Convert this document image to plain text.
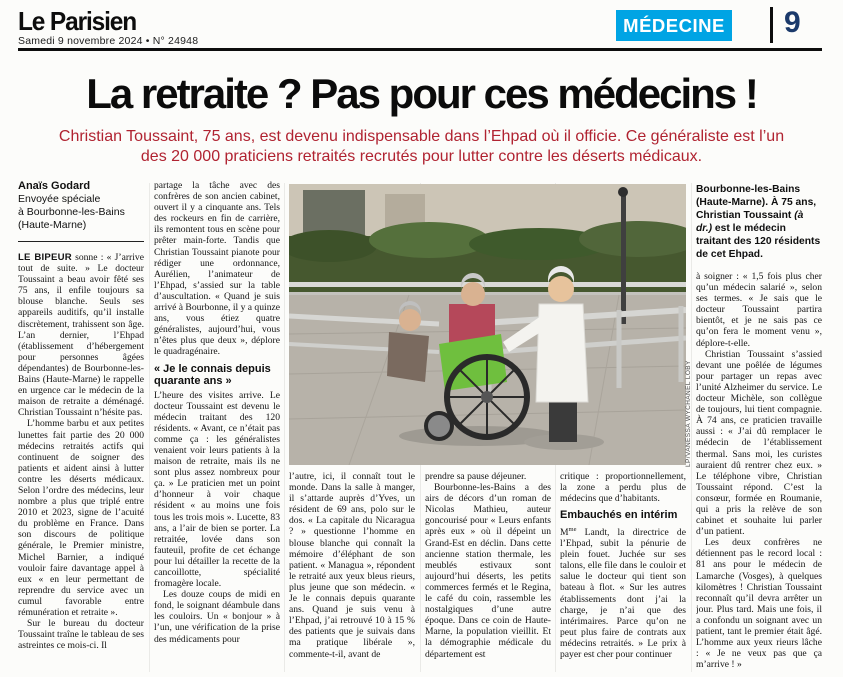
Le Parisien
Samedi 9 novembre 2024 • N° 24948
MÉDECINE 9
La retraite ? Pas pour ces médecins !
Christian Toussaint, 75 ans, est devenu indispensable dans l’Ehpad où il officie. Ce généraliste est l’un des 20 000 praticiens retraités recrutés pour lutter contre les déserts médicaux.
Anaïs Godard
Envoyée spéciale
à Bourbonne-les-Bains
(Haute-Marne)

LE BIPEUR sonne : « J’arrive tout de suite. » Le docteur Toussaint a beau avoir fêté ses 75 ans, il enfile toujours sa blouse blanche. Seuls ses appareils auditifs, qu’il installe discrètement, trahissent son âge. L’an dernier, l’Ehpad (établissement d’hébergement pour personnes âgées dépendantes) de Bourbonne-les-Bains (Haute-Marne) le rappelle en urgence car le médecin de la maison de retraite a déménagé. Christian Toussaint n’hésite pas.

L’homme barbu et aux petites lunettes fait partie des 20 000 médecins retraités actifs qui continuent de soigner des patients et aident ainsi à lutter contre les déserts médicaux. Selon l’ordre des médecins, leur nombre a plus que triplé entre 2010 et 2023, signe de l’acuité du problème en France. Dans son discours de politique générale, le Premier ministre, Michel Barnier, a indiqué vouloir faire davantage appel à eux « en leur permettant de reprendre du service avec un cumul favorable entre rémunération et retraite ».

Sur le bureau du docteur Toussaint traîne le tableau de ses astreintes ce mois-ci. Il

partage la tâche avec des confrères de son ancien cabinet, ouvert il y a cinquante ans. Tels des rockeurs en fin de carrière, ils remontent tous en scène pour prêter main-forte. Tandis que Christian Toussaint pianote pour rédiger une ordonnance, Aurélien, l’animateur de l’Ehpad, s’assied sur la table d’auscultation. « Quand je suis arrivé à Bourbonne, il y a quinze ans, vous étiez quatre généralistes, aujourd’hui, vous n’êtes plus que deux », déplore le quadragénaire.

« Je le connais depuis quarante ans »

L’heure des visites arrive. Le docteur Toussaint est devenu le médecin traitant des 120 résidents. « Avant, ce n’était pas comme ça : les généralistes venaient voir leurs patients à la maison de retraite, mais ils ne sont plus assez nombreux pour ça. » Le praticien met un point d’honneur à voir chaque résident « au moins une fois tous les trois mois ». Lucette, 83 ans, a l’air de bien se porter. La retraitée, lovée dans son fauteuil, profite de cet échange pour lui détailler la recette de la cancoillotte, spécialité fromagère locale.

Les douze coups de midi en fond, le soignant déambule dans les couloirs. Un « bonjour » à l’un, une vérification de la prise des médicaments pour

LP/VANESSA WYCHANEL LOBY

l’autre, ici, il connaît tout le monde. Dans la salle à manger, il s’attarde auprès d’Yves, un résident de 69 ans, polo sur le dos. « La capitale du Nicaragua ? » questionne l’homme en blouse blanche qui connaît la mémoire d’éléphant de son patient. « Managua », répondent le retraité aux yeux bleus rieurs, plus jeune que son médecin. « Je le connais depuis quarante ans. Quand je suis venu à l’Ehpad, j’ai retrouvé 10 à 15 % des patients que je suivais dans ma pratique libérale », commente-t-il, avant de

prendre sa pause déjeuner.

Bourbonne-les-Bains a des airs de décors d’un roman de Nicolas Mathieu, auteur goncourisé pour « Leurs enfants après eux » où il dépeint un Grand-Est en déclin. Dans cette ancienne station thermale, les meublés estivaux sont aujourd’hui déserts, les petits commerces fermés et le Regina, le café du coin, rassemble les nostalgiques d’une autre époque. Dans ce coin de Haute-Marne, la population vieillit. Et la démographie médicale du département est

critique : proportionnellement, la zone a perdu plus de médecins que d’habitants.

Embauchés en intérim

$M^{me}$ Landt, la directrice de l’Ehpad, subit la pénurie de plein fouet. Juchée sur ses talons, elle file dans le couloir et salue le docteur qui tient son bateau à flot. « Sur les autres établissements dont j’ai la charge, je n’ai que des intérimaires. Parce qu’on ne peut plus faire de contrats aux médecins retraités. » Le prix à payer est cher pour continuer

Bourbonne-les-Bains (Haute-Marne). À 75 ans, Christian Toussaint (à dr.) est le médecin traitant des 120 résidents de cet Ehpad.

à soigner : « 1,5 fois plus cher qu’un médecin salarié », selon ses termes. « Je sais que le docteur Toussaint partira bientôt, et je ne sais pas ce qu’on fera le moment venu », déplore-t-elle.

Christian Toussaint s’assied devant une poêlée de légumes pour partager un repas avec l’unité Alzheimer du service. Le docteur Michèle, son collègue de toujours, lui tient compagnie. À 74 ans, ce praticien travaille aussi : « J’ai dû remplacer le médecin de l’établissement thermal. Sans moi, les curistes auraient dû rentrer chez eux. » Le téléphone vibre, Christian Toussaint répond. C’est la consœur, formée en Roumanie, qui a pris la relève de son cabinet et souhaite lui parler d’un patient.

Les deux confrères ne détiennent pas le record local : 81 ans pour le médecin de Lamarche (Vosges), à quelques kilomètres ! Christian Toussaint reconnaît qu’il devra arrêter un jour. Plus tard. Mais une fois, il a confondu un soignant avec un patient, tant le premier était âgé. L’homme aux yeux rieurs lâche : « Je ne veux pas que ça m’arrive ! »
